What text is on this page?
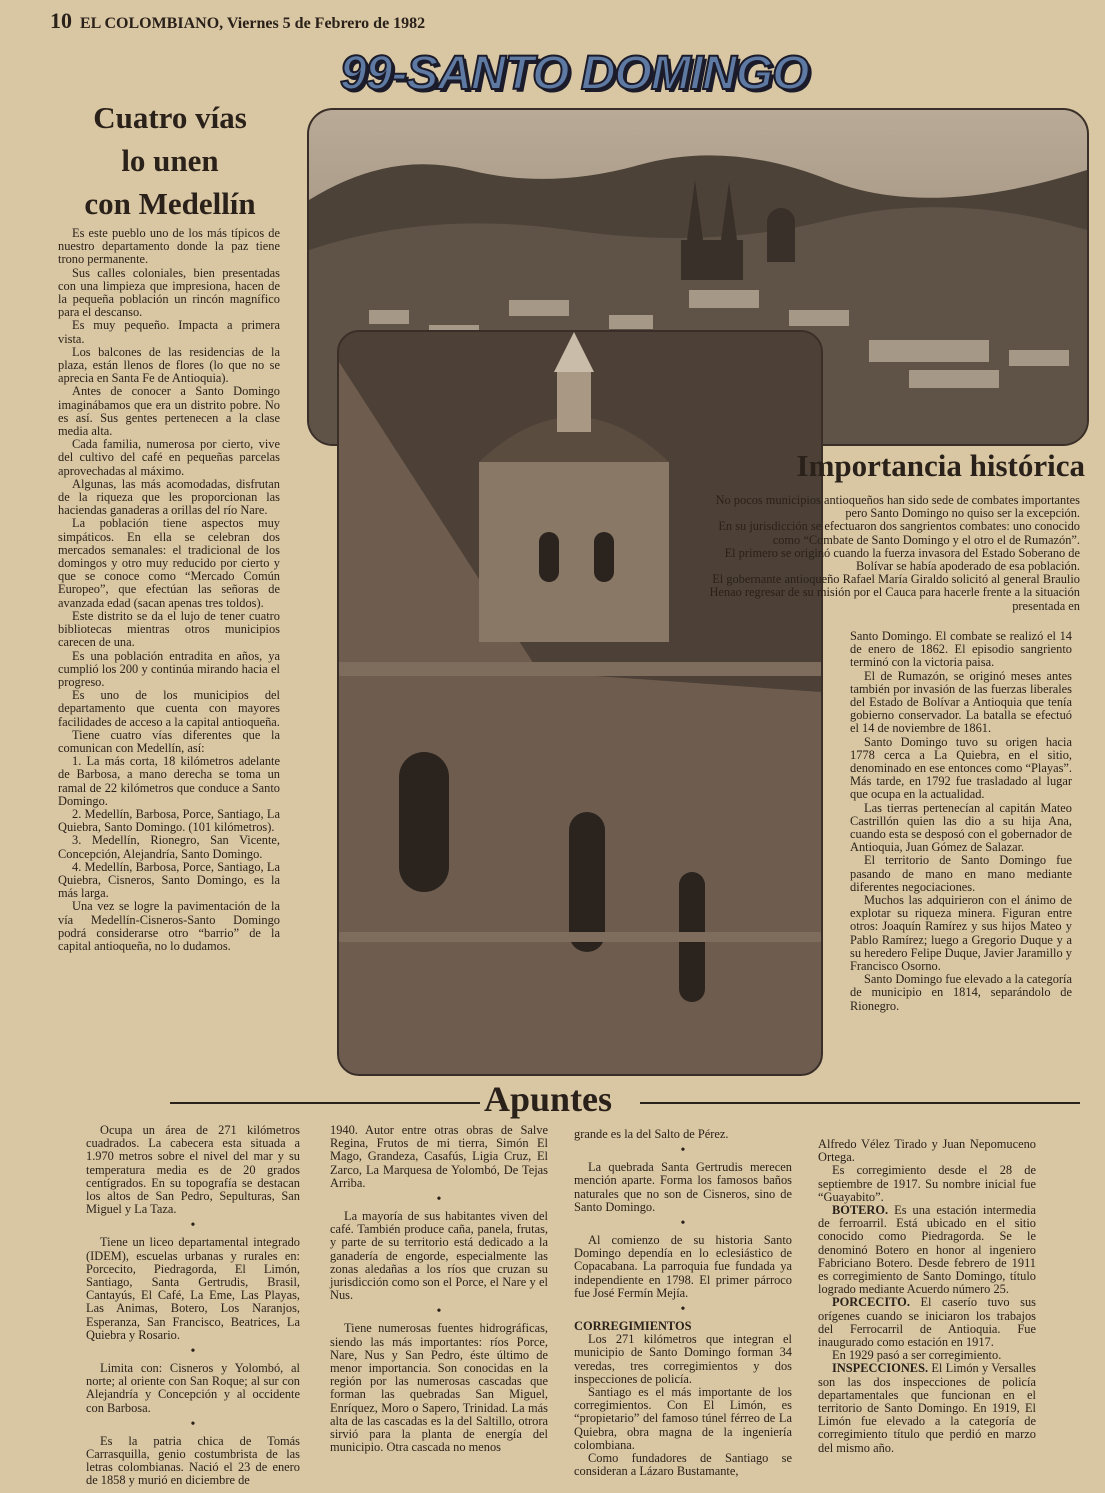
10 EL COLOMBIANO, Viernes 5 de Febrero de 1982
99-SANTO DOMINGO
Cuatro vías
lo unen
con Medellín

Es este pueblo uno de los más típicos de nuestro departamento donde la paz tiene trono permanente.

Sus calles coloniales, bien presentadas con una limpieza que impresiona, hacen de la pequeña población un rincón magnífico para el descanso.

Es muy pequeño. Impacta a primera vista.

Los balcones de las residencias de la plaza, están llenos de flores (lo que no se aprecia en Santa Fe de Antioquia).

Antes de conocer a Santo Domingo imaginábamos que era un distrito pobre. No es así. Sus gentes pertenecen a la clase media alta.

Cada familia, numerosa por cierto, vive del cultivo del café en pequeñas parcelas aprovechadas al máximo.

Algunas, las más acomodadas, disfrutan de la riqueza que les proporcionan las haciendas ganaderas a orillas del río Nare.

La población tiene aspectos muy simpáticos. En ella se celebran dos mercados semanales: el tradicional de los domingos y otro muy reducido por cierto y que se conoce como “Mercado Común Europeo”, que efectúan las señoras de avanzada edad (sacan apenas tres toldos).

Este distrito se da el lujo de tener cuatro bibliotecas mientras otros municipios carecen de una.

Es una población entradita en años, ya cumplió los 200 y continúa mirando hacia el progreso.

Es uno de los municipios del departamento que cuenta con mayores facilidades de acceso a la capital antioqueña.

Tiene cuatro vías diferentes que la comunican con Medellín, así:

1. La más corta, 18 kilómetros adelante de Barbosa, a mano derecha se toma un ramal de 22 kilómetros que conduce a Santo Domingo.

2. Medellín, Barbosa, Porce, Santiago, La Quiebra, Santo Domingo. (101 kilómetros).

3. Medellín, Rionegro, San Vicente, Concepción, Alejandría, Santo Domingo.

4. Medellín, Barbosa, Porce, Santiago, La Quiebra, Cisneros, Santo Domingo, es la más larga.

Una vez se logre la pavimentación de la vía Medellín-Cisneros-Santo Domingo podrá considerarse otro “barrio” de la capital antioqueña, no lo dudamos.

Importancia histórica

No pocos municipios antioqueños han sido sede de combates importantes pero Santo Domingo no quiso ser la excepción.

En su jurisdicción se efectuaron dos sangrientos combates: uno conocido como “Combate de Santo Domingo y el otro el de Rumazón”.

El primero se originó cuando la fuerza invasora del Estado Soberano de Bolívar se había apoderado de esa población.

El gobernante antioqueño Rafael María Giraldo solicitó al general Braulio Henao regresar de su misión por el Cauca para hacerle frente a la situación presentada en

Santo Domingo. El combate se realizó el 14 de enero de 1862. El episodio sangriento terminó con la victoria paisa.

El de Rumazón, se originó meses antes también por invasión de las fuerzas liberales del Estado de Bolívar a Antioquia que tenía gobierno conservador. La batalla se efectuó el 14 de noviembre de 1861.

Santo Domingo tuvo su origen hacia 1778 cerca a La Quiebra, en el sitio, denominado en ese entonces como “Playas”. Más tarde, en 1792 fue trasladado al lugar que ocupa en la actualidad.

Las tierras pertenecían al capitán Mateo Castrillón quien las dio a su hija Ana, cuando esta se desposó con el gobernador de Antioquia, Juan Gómez de Salazar.

El territorio de Santo Domingo fue pasando de mano en mano mediante diferentes negociaciones.

Muchos las adquirieron con el ánimo de explotar su riqueza minera. Figuran entre otros: Joaquín Ramírez y sus hijos Mateo y Pablo Ramírez; luego a Gregorio Duque y a su heredero Felipe Duque, Javier Jaramillo y Francisco Osorno.

Santo Domingo fue elevado a la categoría de municipio en 1814, separándolo de Rionegro.

Apuntes

Ocupa un área de 271 kilómetros cuadrados. La cabecera esta situada a 1.970 metros sobre el nivel del mar y su temperatura media es de 20 grados centígrados. En su topografía se destacan los altos de San Pedro, Sepulturas, San Miguel y La Taza.

•

Tiene un liceo departamental integrado (IDEM), escuelas urbanas y rurales en: Porcecito, Piedragorda, El Limón, Santiago, Santa Gertrudis, Brasil, Cantayús, El Café, La Eme, Las Playas, Las Animas, Botero, Los Naranjos, Esperanza, San Francisco, Beatrices, La Quiebra y Rosario.

•

Limita con: Cisneros y Yolombó, al norte; al oriente con San Roque; al sur con Alejandría y Concepción y al occidente con Barbosa.

•

Es la patria chica de Tomás Carrasquilla, genio costumbrista de las letras colombianas. Nació el 23 de enero de 1858 y murió en diciembre de

1940. Autor entre otras obras de Salve Regina, Frutos de mi tierra, Simón El Mago, Grandeza, Casafús, Ligia Cruz, El Zarco, La Marquesa de Yolombó, De Tejas Arriba.

•

La mayoría de sus habitantes viven del café. También produce caña, panela, frutas, y parte de su territorio está dedicado a la ganadería de engorde, especialmente las zonas aledañas a los ríos que cruzan su jurisdicción como son el Porce, el Nare y el Nus.

•

Tiene numerosas fuentes hidrográficas, siendo las más importantes: ríos Porce, Nare, Nus y San Pedro, éste último de menor importancia. Son conocidas en la región por las numerosas cascadas que forman las quebradas San Miguel, Enríquez, Moro o Sapero, Trinidad. La más alta de las cascadas es la del Saltillo, otrora sirvió para la planta de energía del municipio. Otra cascada no menos

grande es la del Salto de Pérez.

•

La quebrada Santa Gertrudis merecen mención aparte. Forma los famosos baños naturales que no son de Cisneros, sino de Santo Domingo.

•

Al comienzo de su historia Santo Domingo dependía en lo eclesiástico de Copacabana. La parroquia fue fundada ya independiente en 1798. El primer párroco fue José Fermín Mejía.

•

CORREGIMIENTOS

Los 271 kilómetros que integran el municipio de Santo Domingo forman 34 veredas, tres corregimientos y dos inspecciones de policía.

Santiago es el más importante de los corregimientos. Con El Limón, es “propietario” del famoso túnel férreo de La Quiebra, obra magna de la ingeniería colombiana.

Como fundadores de Santiago se consideran a Lázaro Bustamante,

Alfredo Vélez Tirado y Juan Nepomuceno Ortega.

Es corregimiento desde el 28 de septiembre de 1917. Su nombre inicial fue “Guayabito”.

BOTERO. Es una estación intermedia de ferroarril. Está ubicado en el sitio conocido como Piedragorda. Se le denominó Botero en honor al ingeniero Fabriciano Botero. Desde febrero de 1911 es corregimiento de Santo Domingo, título logrado mediante Acuerdo número 25.

PORCECITO. El caserío tuvo sus orígenes cuando se iniciaron los trabajos del Ferrocarril de Antioquia. Fue inaugurado como estación en 1917.

En 1929 pasó a ser corregimiento.

INSPECCIONES. El Limón y Versalles son las dos inspecciones de policía departamentales que funcionan en el territorio de Santo Domingo. En 1919, El Limón fue elevado a la categoría de corregimiento título que perdió en marzo del mismo año.
